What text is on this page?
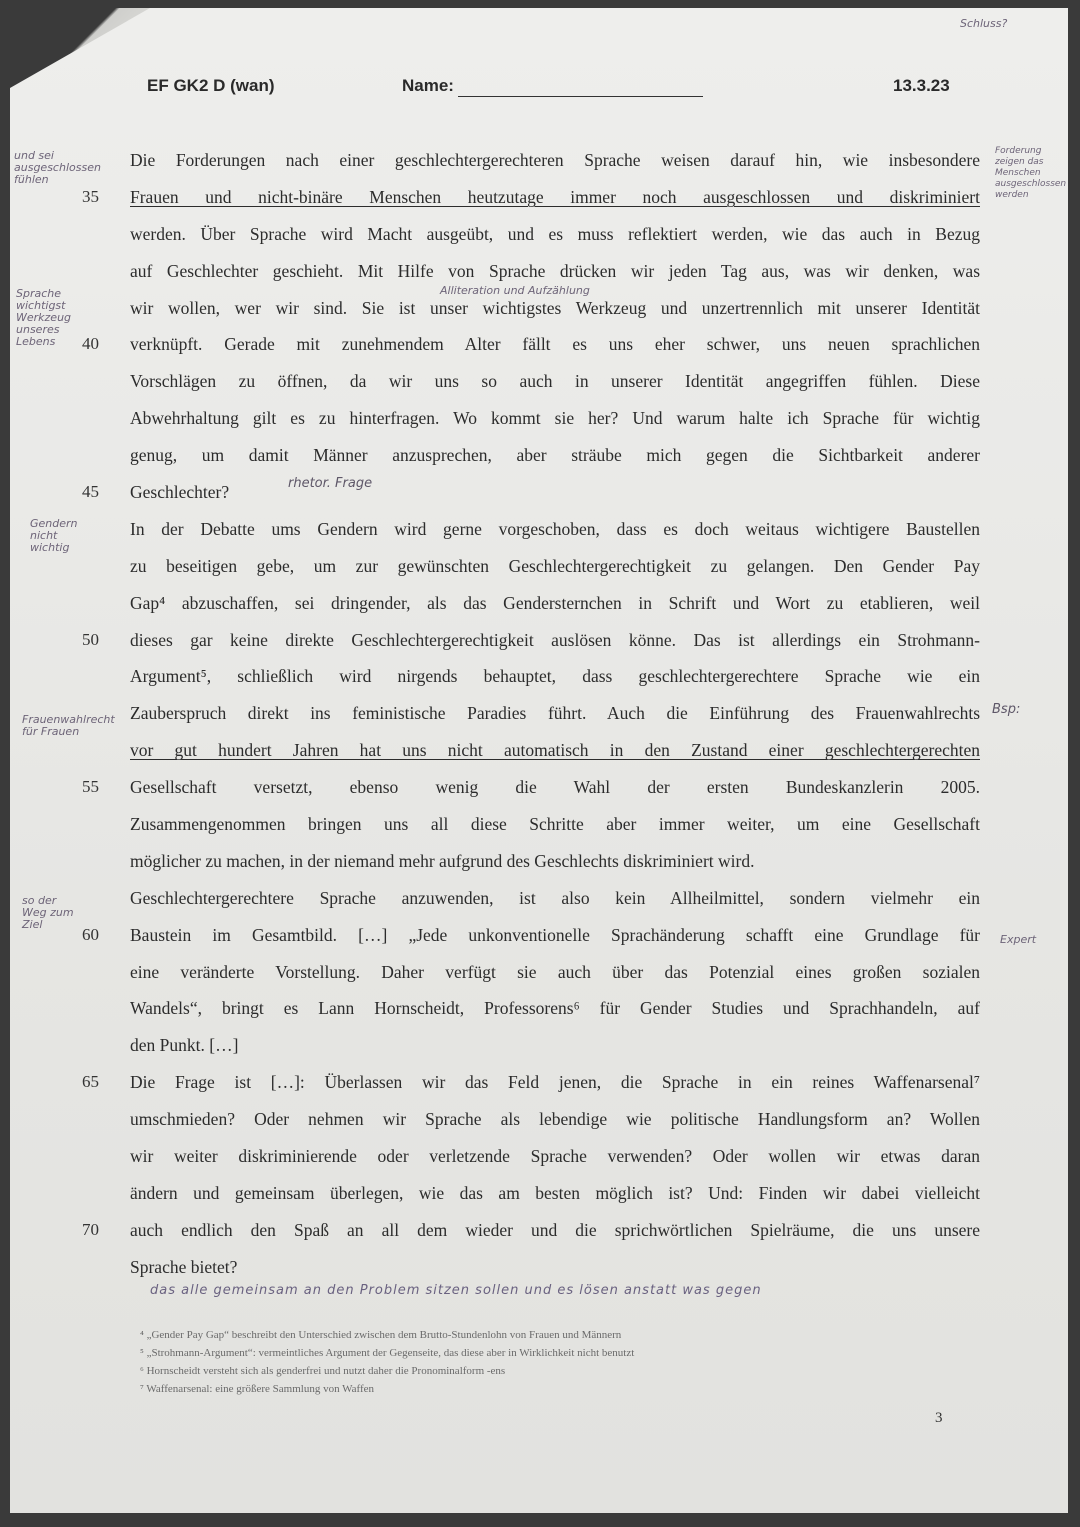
EF GK2 D (wan)	Name:	13.3.23
Die Forderungen nach einer geschlechtergerechteren Sprache weisen darauf hin, wie insbesondere
35	Frauen und nicht-binäre Menschen heutzutage immer noch ausgeschlossen und diskriminiert
werden. Über Sprache wird Macht ausgeübt, und es muss reflektiert werden, wie das auch in Bezug
auf Geschlechter geschieht. Mit Hilfe von Sprache drücken wir jeden Tag aus, was wir denken, was
wir wollen, wer wir sind. Sie ist unser wichtigstes Werkzeug und unzertrennlich mit unserer Identität
40	verknüpft. Gerade mit zunehmendem Alter fällt es uns eher schwer, uns neuen sprachlichen
Vorschlägen zu öffnen, da wir uns so auch in unserer Identität angegriffen fühlen. Diese
Abwehrhaltung gilt es zu hinterfragen. Wo kommt sie her? Und warum halte ich Sprache für wichtig
genug, um damit Männer anzusprechen, aber sträube mich gegen die Sichtbarkeit anderer
45	Geschlechter?
In der Debatte ums Gendern wird gerne vorgeschoben, dass es doch weitaus wichtigere Baustellen
zu beseitigen gebe, um zur gewünschten Geschlechtergerechtigkeit zu gelangen. Den Gender Pay
Gap⁴ abzuschaffen, sei dringender, als das Gendersternchen in Schrift und Wort zu etablieren, weil
50	dieses gar keine direkte Geschlechtergerechtigkeit auslösen könne. Das ist allerdings ein Strohmann-
Argument⁵, schließlich wird nirgends behauptet, dass geschlechtergerechtere Sprache wie ein
Zauberspruch direkt ins feministische Paradies führt. Auch die Einführung des Frauenwahlrechts
vor gut hundert Jahren hat uns nicht automatisch in den Zustand einer geschlechtergerechten
55	Gesellschaft versetzt, ebenso wenig die Wahl der ersten Bundeskanzlerin 2005.
Zusammengenommen bringen uns all diese Schritte aber immer weiter, um eine Gesellschaft
möglicher zu machen, in der niemand mehr aufgrund des Geschlechts diskriminiert wird.
Geschlechtergerechtere Sprache anzuwenden, ist also kein Allheilmittel, sondern vielmehr ein
60	Baustein im Gesamtbild. […] „Jede unkonventionelle Sprachänderung schafft eine Grundlage für
eine veränderte Vorstellung. Daher verfügt sie auch über das Potenzial eines großen sozialen
Wandels“, bringt es Lann Hornscheidt, Professorens⁶ für Gender Studies und Sprachhandeln, auf
den Punkt. […]
65	Die Frage ist […]: Überlassen wir das Feld jenen, die Sprache in ein reines Waffenarsenal⁷
umschmieden? Oder nehmen wir Sprache als lebendige wie politische Handlungsform an? Wollen
wir weiter diskriminierende oder verletzende Sprache verwenden? Oder wollen wir etwas daran
ändern und gemeinsam überlegen, wie das am besten möglich ist? Und: Finden wir dabei vielleicht
70	auch endlich den Spaß an all dem wieder und die sprichwörtlichen Spielräume, die uns unsere
Sprache bietet?
Schluss?
und sei ausgeschlossen fühlen
Sprache wichtigst Werkzeug unseres Lebens
Gendern nicht wichtig
Frauenwahlrecht für Frauen
so der Weg zum Ziel
Forderung zeigen das Menschen ausgeschlossen werden
Bsp:
Expert
Alliteration und Aufzählung
rhetor. Frage
das alle gemeinsam an den Problem sitzen sollen und es lösen anstatt was gegen
⁴ „Gender Pay Gap“ beschreibt den Unterschied zwischen dem Brutto-Stundenlohn von Frauen und Männern
⁵ „Strohmann-Argument“: vermeintliches Argument der Gegenseite, das diese aber in Wirklichkeit nicht benutzt
⁶ Hornscheidt versteht sich als genderfrei und nutzt daher die Pronominalform -ens
⁷ Waffenarsenal: eine größere Sammlung von Waffen
3
